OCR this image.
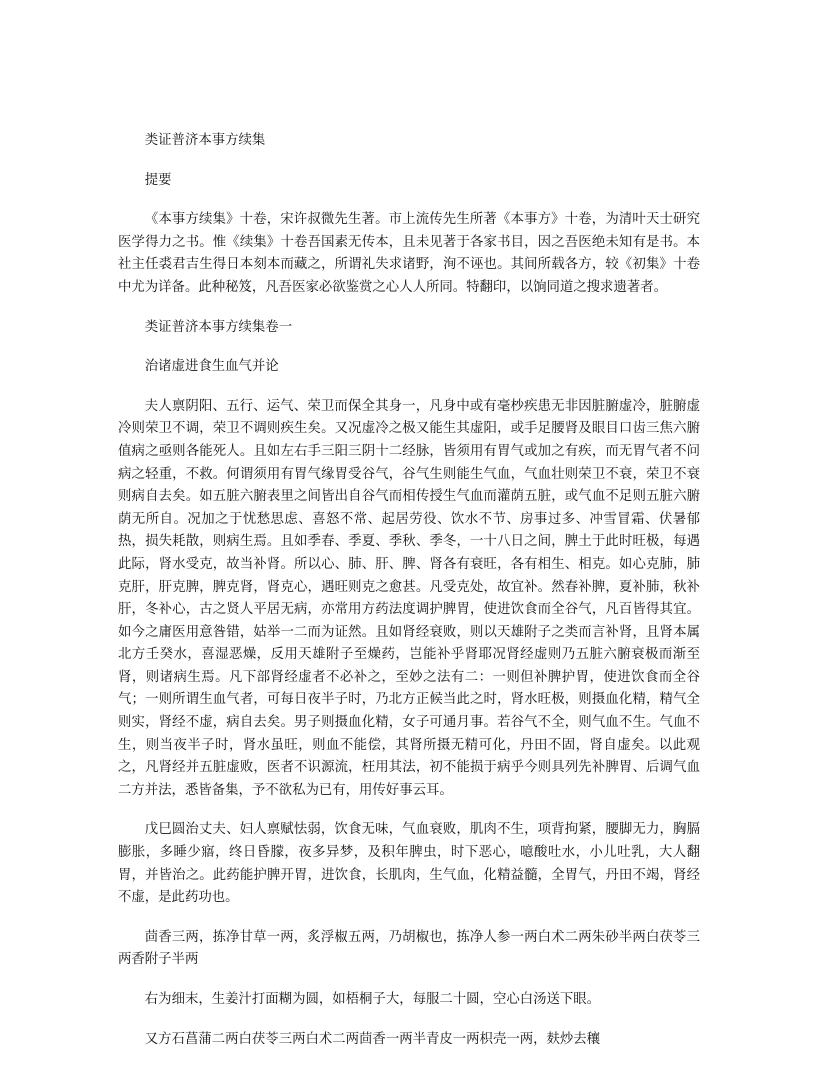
类证普济本事方续集

提要

《本事方续集》十卷，宋许叔微先生著。市上流传先生所著《本事方》十卷，为清叶天士研究医学得力之书。惟《续集》十卷吾国素无传本，且未见著于各家书目，因之吾医绝未知有是书。本社主任裘君吉生得日本刻本而藏之，所谓礼失求诸野，洵不诬也。其间所载各方，较《初集》十卷中尤为详备。此种秘笈，凡吾医家必欲鉴赏之心人人所同。特翻印，以饷同道之搜求遗著者。

类证普济本事方续集卷一

治诸虚进食生血气并论

夫人禀阴阳、五行、运气、荣卫而保全其身一，凡身中或有毫杪疾患无非因脏腑虚冷，脏腑虚冷则荣卫不调，荣卫不调则疾生矣。又况虚冷之极又能生其虚阳，或手足腰肾及眼目口齿三焦六腑值病之亟则各能死人。且如左右手三阳三阴十二经脉，皆须用有胃气或加之有疾，而无胃气者不问病之轻重，不救。何谓须用有胃气缘胃受谷气，谷气生则能生气血，气血壮则荣卫不衰，荣卫不衰则病自去矣。如五脏六腑表里之间皆出自谷气而相传授生气血而灌荫五脏，或气血不足则五脏六腑荫无所自。况加之于忧愁思虑、喜怒不常、起居劳役、饮水不节、房事过多、冲雪冒霜、伏暑郁热，损失耗散，则病生焉。且如季春、季夏、季秋、季冬，一十八日之间，脾土于此时旺极，每遇此际，肾水受克，故当补肾。所以心、肺、肝、脾、肾各有衰旺，各有相生、相克。如心克肺，肺克肝，肝克脾，脾克肾，肾克心，遇旺则克之愈甚。凡受克处，故宜补。然春补脾，夏补肺，秋补肝，冬补心，古之贤人平居无病，亦常用方药法度调护脾胃，使进饮食而全谷气，凡百皆得其宜。如今之庸医用意昝错，姑举一二而为证然。且如肾经衰败，则以天雄附子之类而言补肾，且肾本属北方壬癸水，喜湿恶燥，反用天雄附子至燥药，岂能补乎肾耶况肾经虚则乃五脏六腑衰极而渐至肾，则诸病生焉。凡下部肾经虚者不必补之，至妙之法有二：一则但补脾护胃，使进饮食而全谷气；一则所谓生血气者，可每日夜半子时，乃北方正候当此之时，肾水旺极，则摄血化精，精气全则实，肾经不虚，病自去矣。男子则摄血化精，女子可通月事。若谷气不全，则气血不生。气血不生，则当夜半子时，肾水虽旺，则血不能偿，其肾所摄无精可化，丹田不固，肾自虚矣。以此观之，凡肾经并五脏虚败，医者不识源流，枉用其法，初不能损于病乎今则具列先补脾胃、后调气血二方并法，悉皆备集，予不欲私为已有，用传好事云耳。

戊巳圆治丈夫、妇人禀赋怯弱，饮食无味，气血衰败，肌肉不生，项背拘紧，腰脚无力，胸膈膨胀，多睡少寤，终日昏朦，夜多异梦，及积年脾虫，时下恶心，噫酸吐水，小儿吐乳，大人翻胃，并皆治之。此药能护脾开胃，进饮食，长肌肉，生气血，化精益髓，全胃气，丹田不竭，肾经不虚，是此药功也。

茴香三两，拣净甘草一两，炙浮椒五两，乃胡椒也，拣净人参一两白术二两朱砂半两白茯苓三两香附子半两

右为细末，生姜汁打面糊为圆，如梧桐子大，每服二十圆，空心白汤送下眼。

又方石菖蒲二两白茯苓三两白术二两茴香一两半青皮一两枳壳一两，麸炒去穰
